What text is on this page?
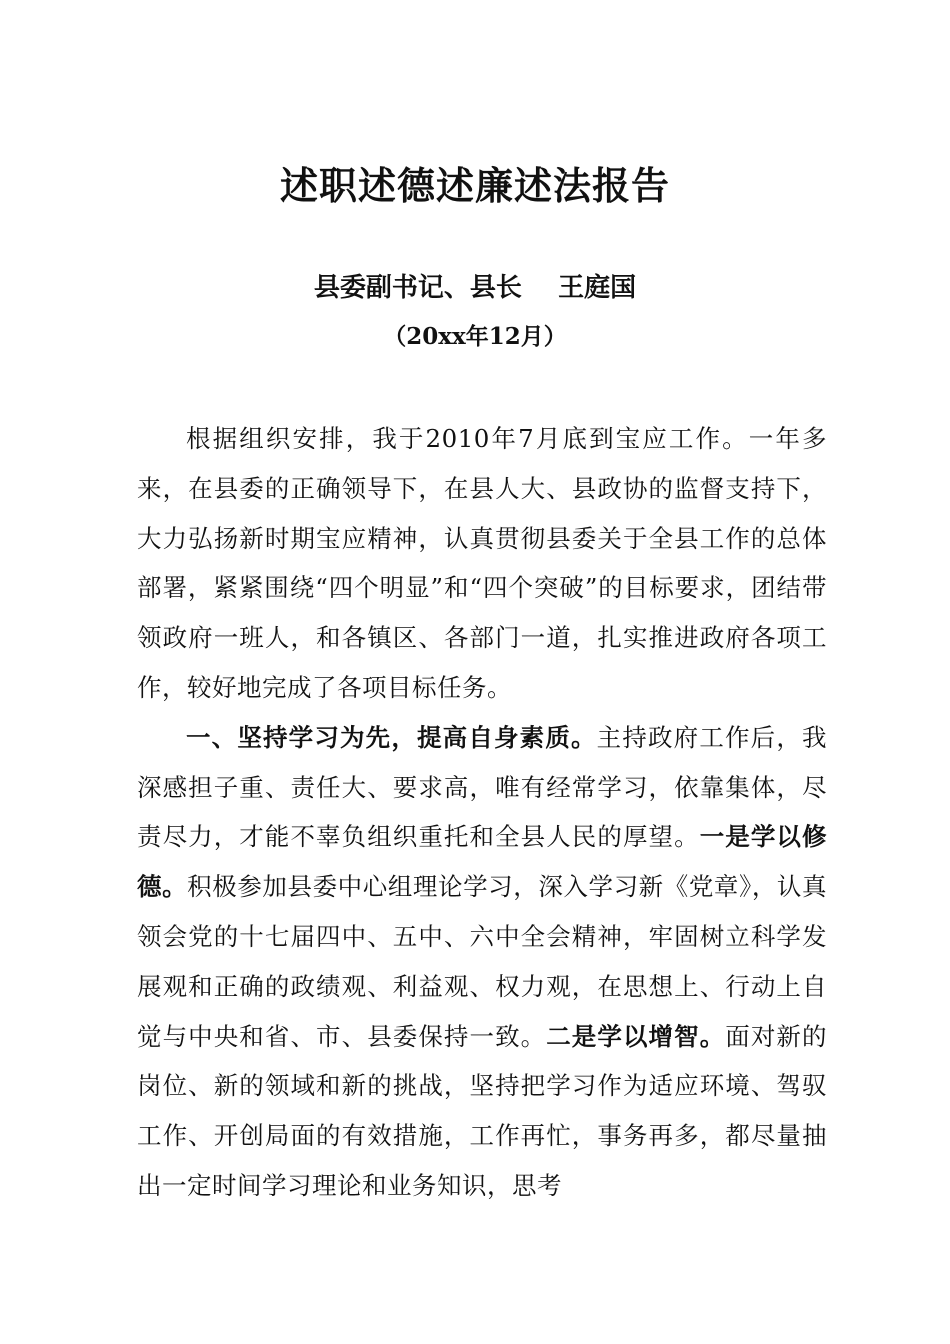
述职述德述廉述法报告
县委副书记、县长    王庭国
（20xx年12月）

根据组织安排，我于2010年7月底到宝应工作。一年多来，在县委的正确领导下，在县人大、县政协的监督支持下，大力弘扬新时期宝应精神，认真贯彻县委关于全县工作的总体部署，紧紧围绕“四个明显”和“四个突破”的目标要求，团结带领政府一班人，和各镇区、各部门一道，扎实推进政府各项工作，较好地完成了各项目标任务。

一、坚持学习为先，提高自身素质。主持政府工作后，我深感担子重、责任大、要求高，唯有经常学习，依靠集体，尽责尽力，才能不辜负组织重托和全县人民的厚望。一是学以修德。积极参加县委中心组理论学习，深入学习新《党章》，认真领会党的十七届四中、五中、六中全会精神，牢固树立科学发展观和正确的政绩观、利益观、权力观，在思想上、行动上自觉与中央和省、市、县委保持一致。二是学以增智。面对新的岗位、新的领域和新的挑战，坚持把学习作为适应环境、驾驭工作、开创局面的有效措施，工作再忙，事务再多，都尽量抽出一定时间学习理论和业务知识，思考
